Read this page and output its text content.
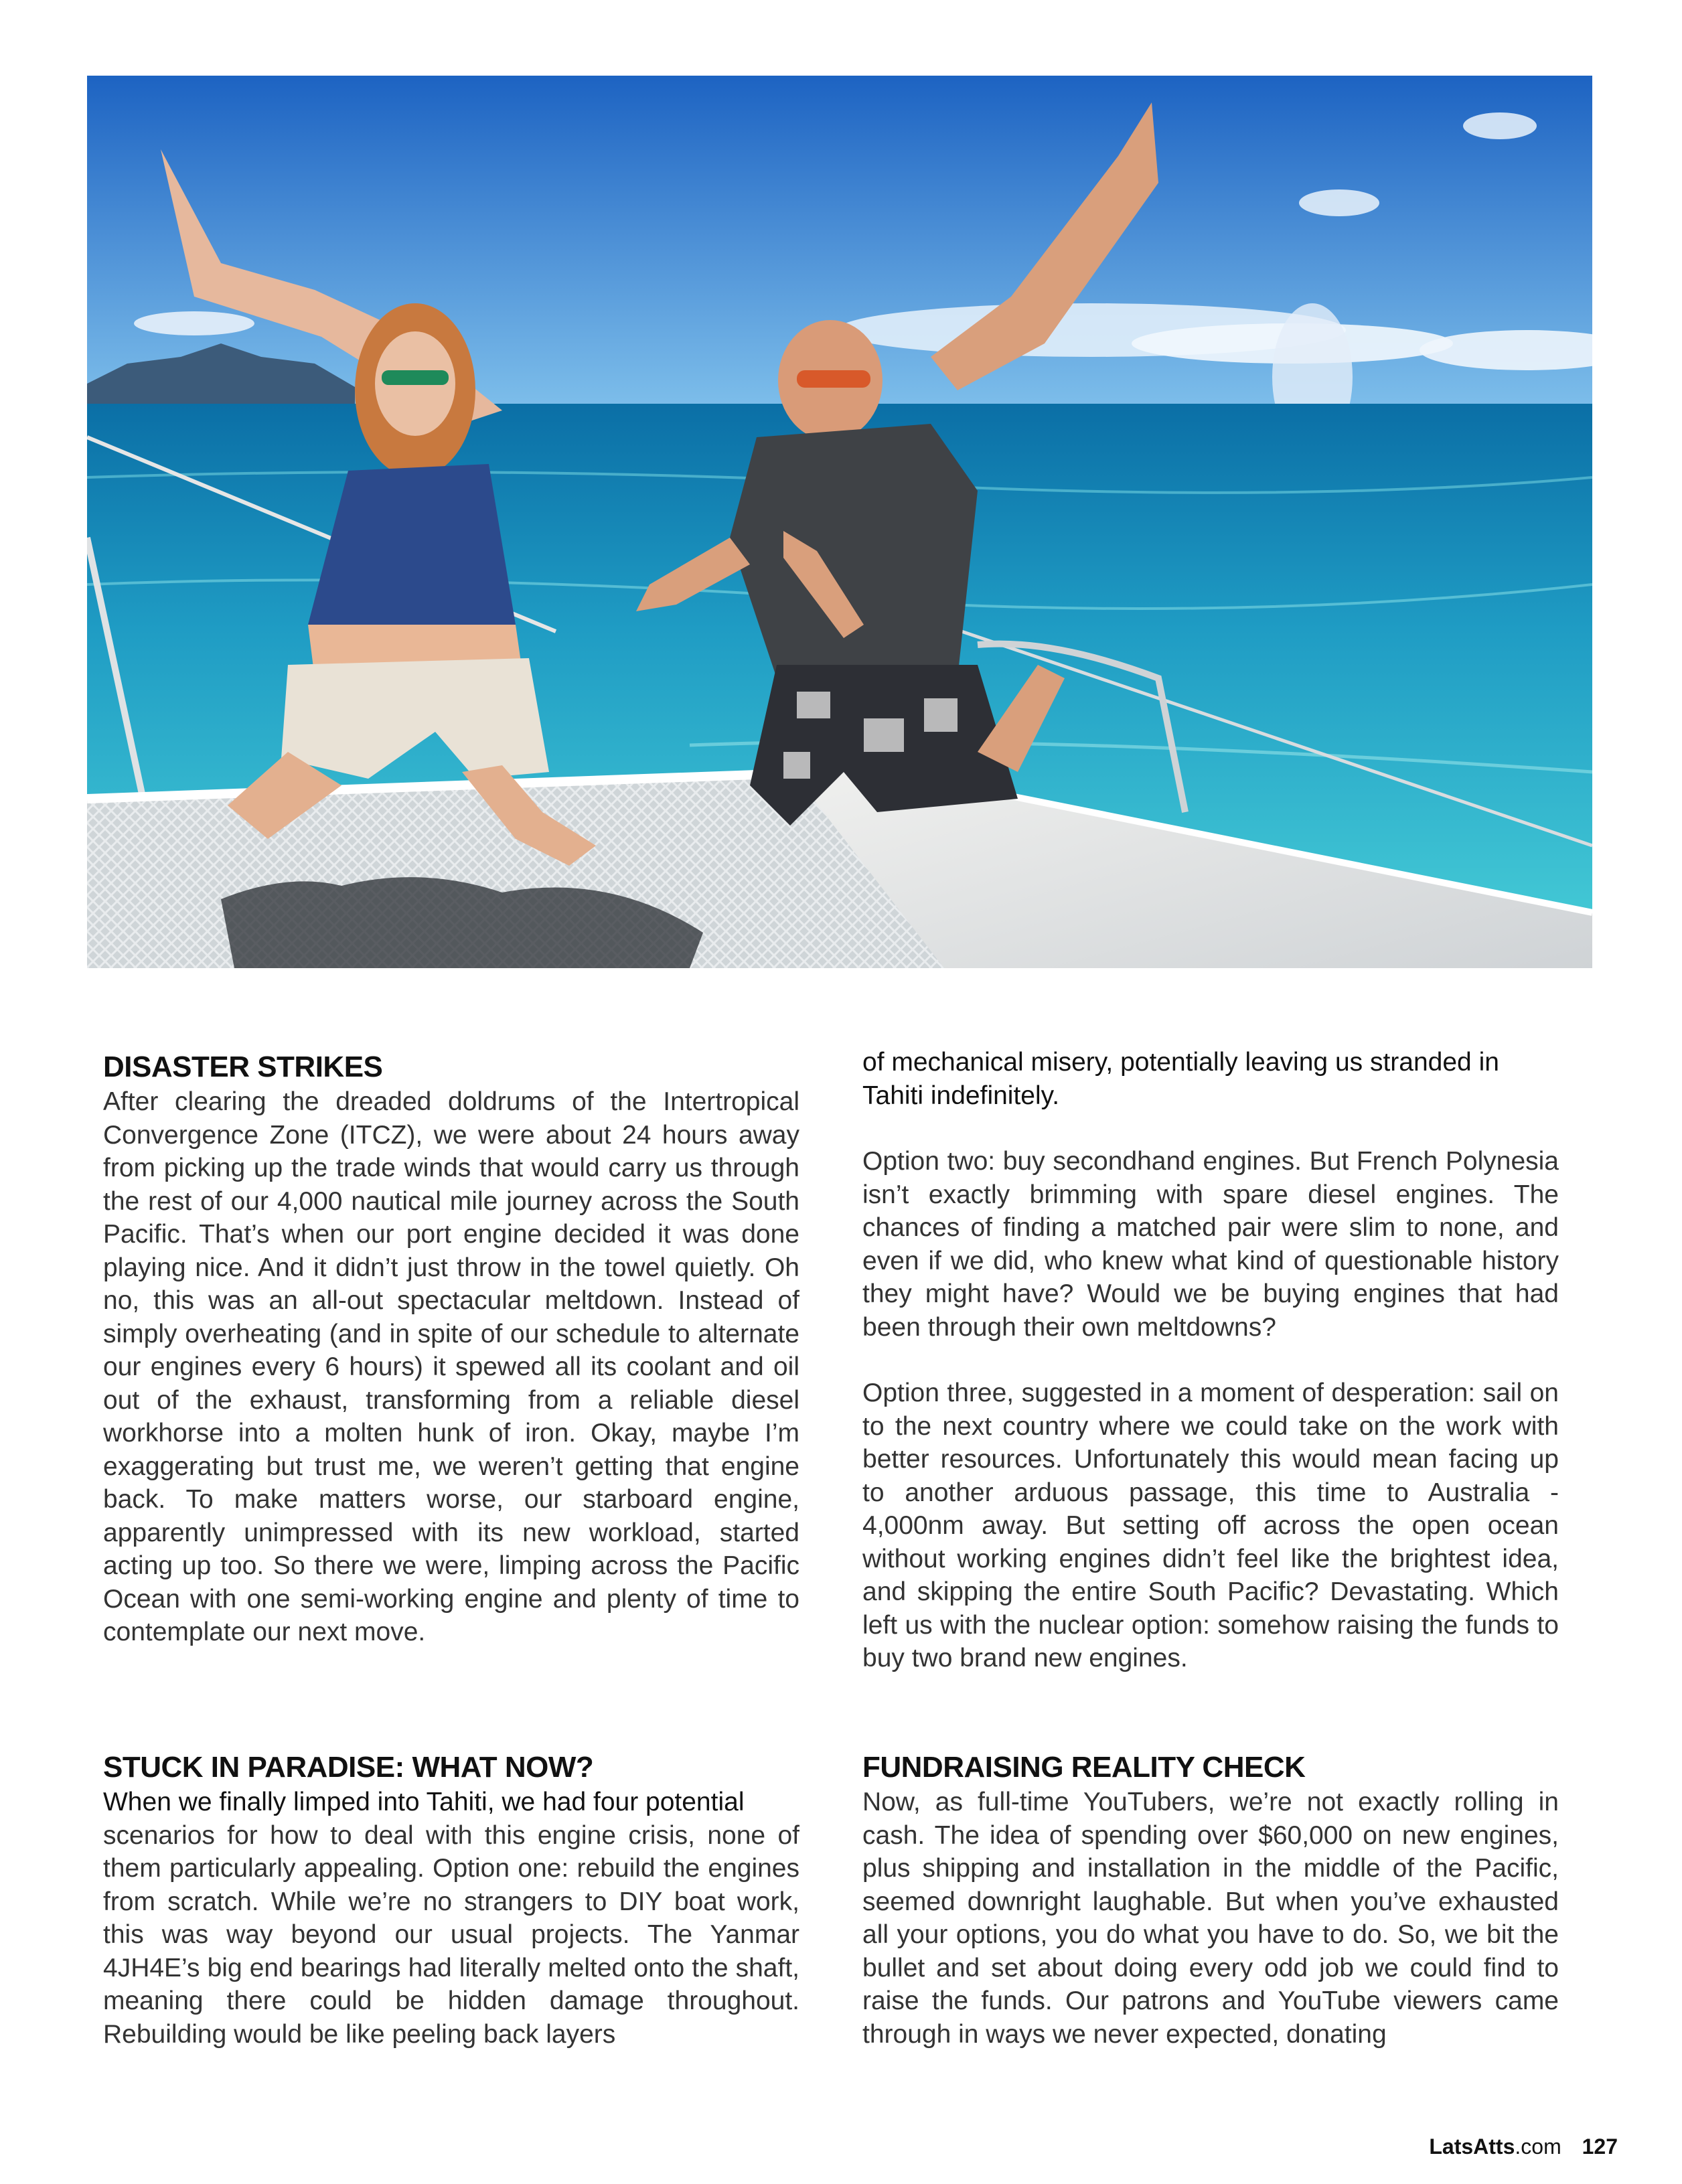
DISASTER STRIKES

After clearing the dreaded doldrums of the Intertropical Convergence Zone (ITCZ), we were about 24 hours away from picking up the trade winds that would carry us through the rest of our 4,000 nautical mile journey across the South Pacific. That’s when our port engine decided it was done playing nice. And it didn’t just throw in the towel quietly. Oh no, this was an all-out spectacular meltdown. Instead of simply overheating (and in spite of our schedule to alternate our engines every 6 hours) it spewed all its coolant and oil out of the exhaust, transforming from a reliable diesel workhorse into a molten hunk of iron. Okay, maybe I’m exaggerating but trust me, we weren’t getting that engine back. To make matters worse, our starboard engine, apparently unimpressed with its new workload, started acting up too. So there we were, limping across the Pacific Ocean with one semi-working engine and plenty of time to contemplate our next move.

STUCK IN PARADISE: WHAT NOW?

When we finally limped into Tahiti, we had four potential

scenarios for how to deal with this engine crisis, none of them particularly appealing. Option one: rebuild the engines from scratch. While we’re no strangers to DIY boat work, this was way beyond our usual projects. The Yanmar 4JH4E’s big end bearings had literally melted onto the shaft, meaning there could be hidden damage throughout. Rebuilding would be like peeling back layers

of mechanical misery, potentially leaving us stranded in Tahiti indefinitely.

Option two: buy secondhand engines. But French Polynesia isn’t exactly brimming with spare diesel engines. The chances of finding a matched pair were slim to none, and even if we did, who knew what kind of questionable history they might have? Would we be buying engines that had been through their own meltdowns?

Option three, suggested in a moment of desperation: sail on to the next country where we could take on the work with better resources. Unfortunately this would mean facing up to another arduous passage, this time to Australia - 4,000nm away. But setting off across the open ocean without working engines didn’t feel like the brightest idea, and skipping the entire South Pacific? Devastating. Which left us with the nuclear option: somehow raising the funds to buy two brand new engines.

FUNDRAISING REALITY CHECK

Now, as full-time YouTubers, we’re not exactly rolling in cash. The idea of spending over $60,000 on new engines, plus shipping and installation in the middle of the Pacific, seemed downright laughable. But when you’ve exhausted all your options, you do what you have to do. So, we bit the bullet and set about doing every odd job we could find to raise the funds. Our patrons and YouTube viewers came through in ways we never expected, donating

LatsAtts.com 127
